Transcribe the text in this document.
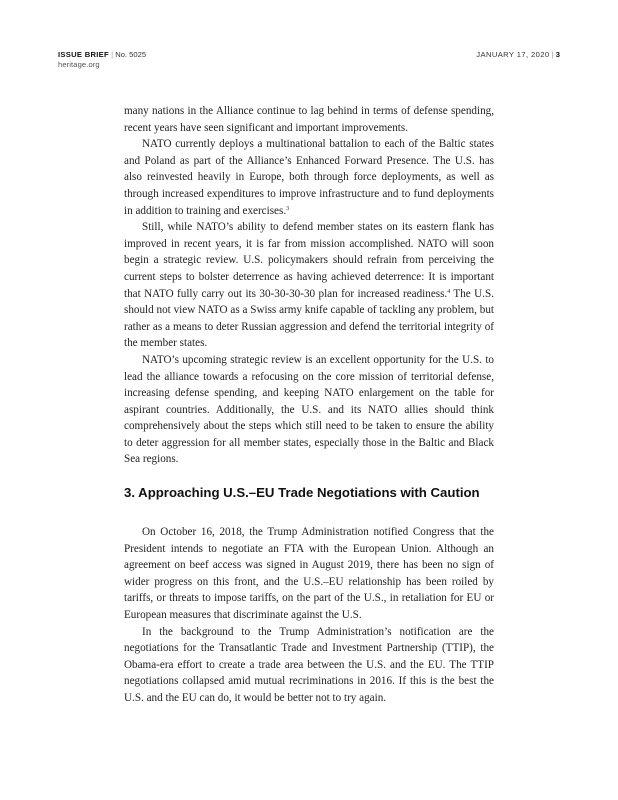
ISSUE BRIEF | No. 5025
heritage.org
JANUARY 17, 2020 | 3

many nations in the Alliance continue to lag behind in terms of defense spending, recent years have seen significant and important improvements.

NATO currently deploys a multinational battalion to each of the Baltic states and Poland as part of the Alliance’s Enhanced Forward Presence. The U.S. has also reinvested heavily in Europe, both through force deployments, as well as through increased expenditures to improve infrastructure and to fund deployments in addition to training and exercises.$^3$

Still, while NATO’s ability to defend member states on its eastern flank has improved in recent years, it is far from mission accomplished. NATO will soon begin a strategic review. U.S. policymakers should refrain from perceiving the current steps to bolster deterrence as having achieved deterrence: It is important that NATO fully carry out its 30-30-30-30 plan for increased readiness.$^4$ The U.S. should not view NATO as a Swiss army knife capable of tackling any problem, but rather as a means to deter Russian aggression and defend the territorial integrity of the member states.

NATO’s upcoming strategic review is an excellent opportunity for the U.S. to lead the alliance towards a refocusing on the core mission of territorial defense, increasing defense spending, and keeping NATO enlargement on the table for aspirant countries. Additionally, the U.S. and its NATO allies should think comprehensively about the steps which still need to be taken to ensure the ability to deter aggression for all member states, especially those in the Baltic and Black Sea regions.

3. Approaching U.S.–EU Trade Negotiations with Caution

On October 16, 2018, the Trump Administration notified Congress that the President intends to negotiate an FTA with the European Union. Although an agreement on beef access was signed in August 2019, there has been no sign of wider progress on this front, and the U.S.–EU relationship has been roiled by tariffs, or threats to impose tariffs, on the part of the U.S., in retaliation for EU or European measures that discriminate against the U.S.

In the background to the Trump Administration’s notification are the negotiations for the Transatlantic Trade and Investment Partnership (TTIP), the Obama-era effort to create a trade area between the U.S. and the EU. The TTIP negotiations collapsed amid mutual recriminations in 2016. If this is the best the U.S. and the EU can do, it would be better not to try again.
